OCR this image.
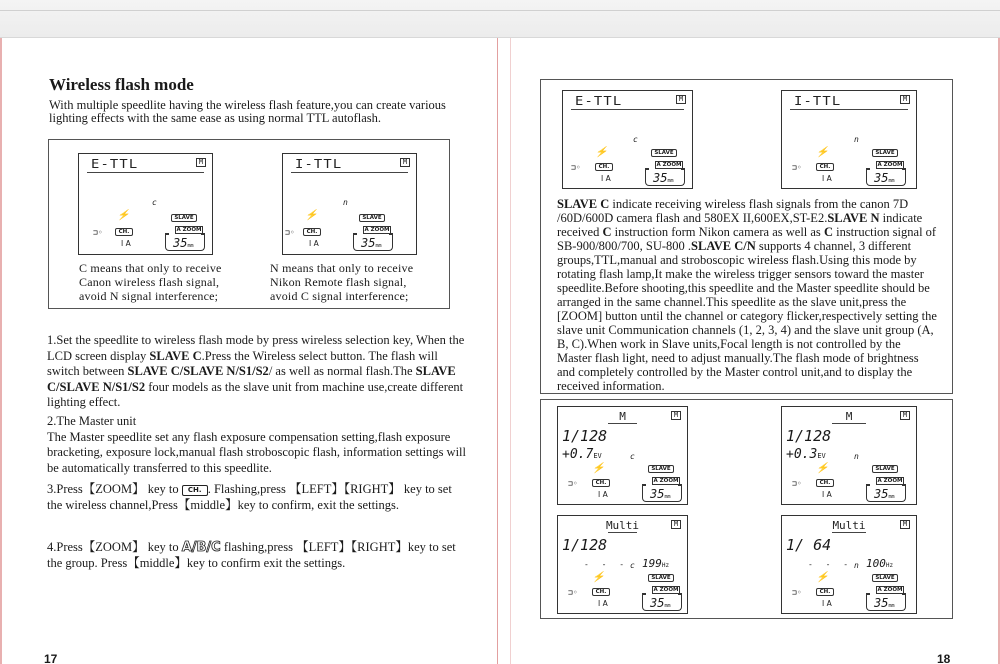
Wireless flash mode
With multiple speedlite having the wireless flash feature,you can create various lighting effects with the same ease as using normal TTL autoflash.
E-TTL	M
c
⚡	SLAVE
A ZOOM
CH.
⊐◦
I A	35mm
I-TTL	M
n
⚡	SLAVE
A ZOOM
CH.
⊐◦
I A	35mm
C means that only to receive
Canon wireless flash signal,
avoid N signal interference;
N means that only to receive
Nikon Remote flash signal,
avoid C signal interference;
1.Set the speedlite to wireless flash mode by press wireless selection key, When the LCD screen display SLAVE C.Press the Wireless select button. The flash will switch between SLAVE C/SLAVE N/S1/S2/ as well as normal flash.The SLAVE C/SLAVE N/S1/S2 four models as the slave unit from machine use,create different lighting effect.
2.The Master unit
The Master speedlite set any flash exposure compensation setting,flash exposure bracketing, exposure lock,manual flash stroboscopic flash, information settings will be automatically transferred to this speedlite.
3.Press【ZOOM】 key to CH. . Flashing,press 【LEFT】【RIGHT】 key to set the wireless channel,Press【middle】key to confirm, exit the settings.
4.Press【ZOOM】 key to A/B/C flashing,press 【LEFT】【RIGHT】key to set the group. Press【middle】key to confirm exit the settings.
17
E-TTL	M
c
⚡	SLAVE
A ZOOM
CH.
⊐◦
I A	35mm
I-TTL	M
n
⚡	SLAVE
A ZOOM
CH.
⊐◦
I A	35mm
SLAVE C indicate receiving wireless flash signals from the canon 7D /60D/600D camera flash and 580EX II,600EX,ST-E2.SLAVE N indicate received C instruction form Nikon camera as well as C instruction signal of SB-900/800/700, SU-800 .SLAVE C/N supports 4 channel, 3 different groups,TTL,manual and stroboscopic wireless flash.Using this mode by rotating flash lamp,It make the wireless trigger sensors toward the master speedlite.Before shooting,this speedlite and the Master speedlite should be arranged in the same channel.This speedlite as the slave unit,press the [ZOOM] button until the channel or category flicker,respectively setting the slave unit Communication channels (1, 2, 3, 4) and the slave unit group (A, B, C).When work in Slave units,Focal length is not controlled by the Master flash light, need to adjust manually.The flash mode of brightness and completely controlled by the Master control unit,and to display the received information.
M	M
1/128
+0.7EV	c
⚡	SLAVE
A ZOOM
CH.
⊐◦
I A	35mm
M	M
1/128
+0.3EV	n
⚡	SLAVE
A ZOOM
CH.
⊐◦
I A	35mm
Multi	M
1/128
- - - c 199Hz
⚡	SLAVE
A ZOOM
CH.
⊐◦
I A	35mm
Multi	M
1/ 64
- - - n 100Hz
⚡	SLAVE
A ZOOM
CH.
⊐◦
I A	35mm
18
